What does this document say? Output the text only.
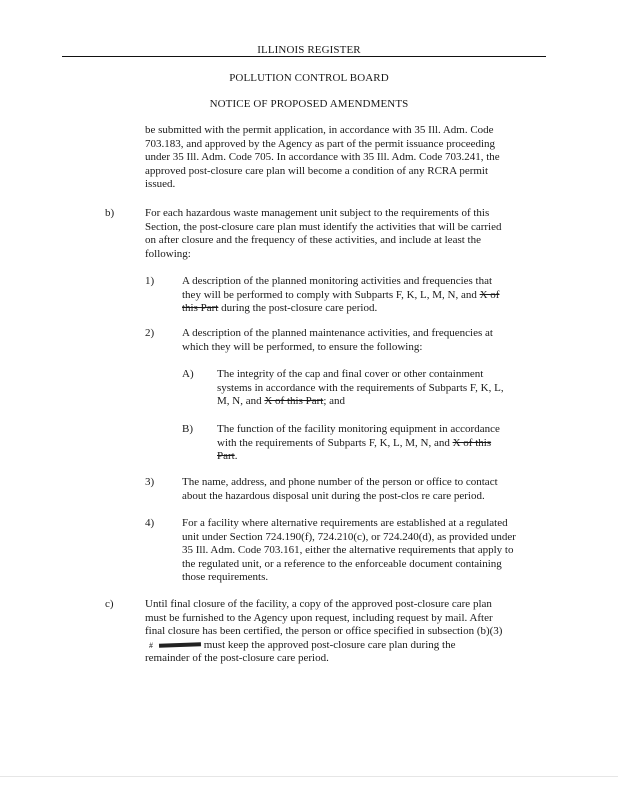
ILLINOIS REGISTER
POLLUTION CONTROL BOARD
NOTICE OF PROPOSED AMENDMENTS
be submitted with the permit application, in accordance with 35 Ill. Adm. Code
703.183, and approved by the Agency as part of the permit issuance proceeding
under 35 Ill. Adm. Code 705. In accordance with 35 Ill. Adm. Code 703.241, the
approved post-closure care plan will become a condition of any RCRA permit
issued.
b)	For each hazardous waste management unit subject to the requirements of this
Section, the post-closure care plan must identify the activities that will be carried
on after closure and the frequency of these activities, and include at least the
following:
1)	A description of the planned monitoring activities and frequencies that
they will be performed to comply with Subparts F, K, L, M, N, and X of
this Part during the post-closure care period.
2)	A description of the planned maintenance activities, and frequencies at
which they will be performed, to ensure the following:
A) The integrity of the cap and final cover or other containment
systems in accordance with the requirements of Subparts F, K, L,
M, N, and X of this Part; and
B) The function of the facility monitoring equipment in accordance
with the requirements of Subparts F, K, L, M, N, and X of this
Part.
3)	The name, address, and phone number of the person or office to contact
about the hazardous disposal unit during the post-clos re care period.
4)	For a facility where alternative requirements are established at a regulated
unit under Section 724.190(f), 724.210(c), or 724.240(d), as provided under
35 Ill. Adm. Code 703.161, either the alternative requirements that apply to
the regulated unit, or a reference to the enforceable document containing
those requirements.
c)	Until final closure of the facility, a copy of the approved post-closure care plan
must be furnished to the Agency upon request, including request by mail. After
final closure has been certified, the person or office specified in subsection (b)(3)
#	must keep the approved post-closure care plan during the
remainder of the post-closure care period.
